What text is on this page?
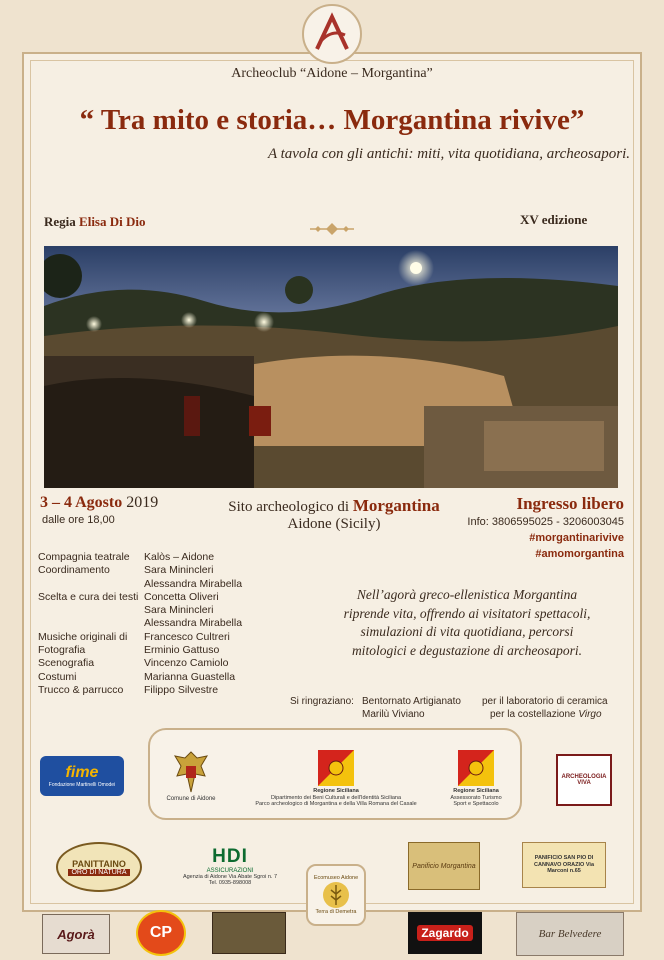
Archeoclub “Aidone – Morgantina”
“ Tra mito e storia… Morgantina rivive”
A tavola con gli antichi: miti, vita quotidiana, archeosapori.
Regia Elisa Di Dio	XV edizione
3 – 4 Agosto 2019
dalle ore 18,00
Sito archeologico di Morgantina
Aidone (Sicily)
Ingresso libero
Info: 3806595025 - 3206003045
#morgantinarivive
#amomorgantina
Compagnia teatrale	Kalòs – Aidone
Coordinamento	Sara Minincleri
Alessandra Mirabella
Scelta e cura dei testi Concetta Oliveri
Sara Minincleri
Alessandra Mirabella
Musiche originali di	Francesco Cultreri
Fotografia	Erminio Gattuso
Scenografia	Vincenzo Camiolo
Costumi	Marianna Guastella
Trucco & parrucco	Filippo Silvestre
Nell’agorà greco-ellenistica Morgantina
riprende vita, offrendo ai visitatori spettacoli,
simulazioni di vita quotidiana, percorsi
mitologici e degustazione di archeosapori.
Si ringraziano: Bentornato Artigianato	per il laboratorio di ceramica
Marilù Viviano	per la costellazione
Virgo
fime
Fondazione Martinelli Omodei
Comune di Aidone
Regione Siciliana
Dipartimento dei Beni Culturali e dell'Identità Siciliana
Parco archeologico di Morgantina e della Villa Romana del Casale
Regione Siciliana
Assessorato Turismo
Sport e Spettacolo
ARCHEOLOGIA VIVA
PANITTAINO
ORO DI NATURA
HDI
ASSICURAZIONI
Agenzia di Aidone Via Abate Sgroi n. 7
Tel. 0935-898008
Ecomuseo Aidone
Terra di Demetra
Panificio Morgantina
PANIFICIO SAN PIO DI CANNAVO ORAZIO Via Marconi n.65
Agorà	CP	Zagardo	Bar Belvedere
